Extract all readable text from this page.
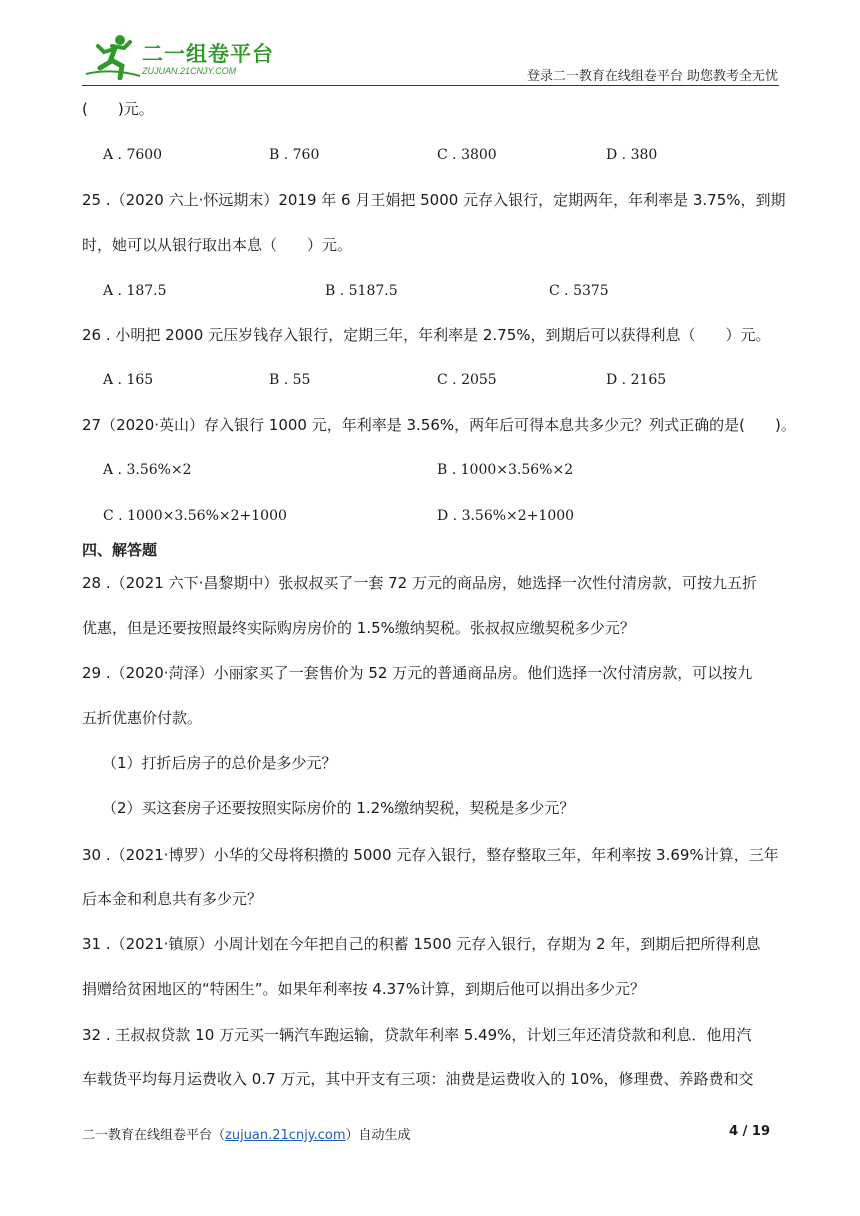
二一组卷平台
ZUJUAN.21CNJY.COM	登录二一教育在线组卷平台 助您教考全无忧
(　　)元。
A . 7600	B . 760	C . 3800	D . 380
25 .（2020 六上·怀远期末）2019 年 6 月王娟把 5000 元存入银行，定期两年，年利率是 3.75%，到期
时，她可以从银行取出本息（　　）元。
A . 187.5	B . 5187.5	C . 5375
26 . 小明把 2000 元压岁钱存入银行，定期三年，年利率是 2.75%，到期后可以获得利息（　　）元。
A . 165	B . 55	C . 2055	D . 2165
27（2020·英山）存入银行 1000 元，年利率是 3.56%，两年后可得本息共多少元？列式正确的是(　　)。
A . 3.56%×2	B . 1000×3.56%×2
C . 1000×3.56%×2+1000	D . 3.56%×2+1000
四、解答题
28 .（2021 六下·昌黎期中）张叔叔买了一套 72 万元的商品房，她选择一次性付清房款，可按九五折
优惠，但是还要按照最终实际购房房价的 1.5%缴纳契税。张叔叔应缴契税多少元？
29 .（2020·菏泽）小丽家买了一套售价为 52 万元的普通商品房。他们选择一次付清房款，可以按九
五折优惠价付款。
（1）打折后房子的总价是多少元？
（2）买这套房子还要按照实际房价的 1.2%缴纳契税，契税是多少元？
30 .（2021·博罗）小华的父母将积攒的 5000 元存入银行，整存整取三年，年利率按 3.69%计算，三年
后本金和利息共有多少元？
31 .（2021·镇原）小周计划在今年把自己的积蓄 1500 元存入银行，存期为 2 年，到期后把所得利息
捐赠给贫困地区的“特困生”。如果年利率按 4.37%计算，到期后他可以捐出多少元？
32 . 王叔叔贷款 10 万元买一辆汽车跑运输，贷款年利率 5.49%，计划三年还清贷款和利息．他用汽
车载货平均每月运费收入 0.7 万元，其中开支有三项：油费是运费收入的 10%，修理费、养路费和交
二一教育在线组卷平台（zujuan.21cnjy.com）自动生成	4 / 19
